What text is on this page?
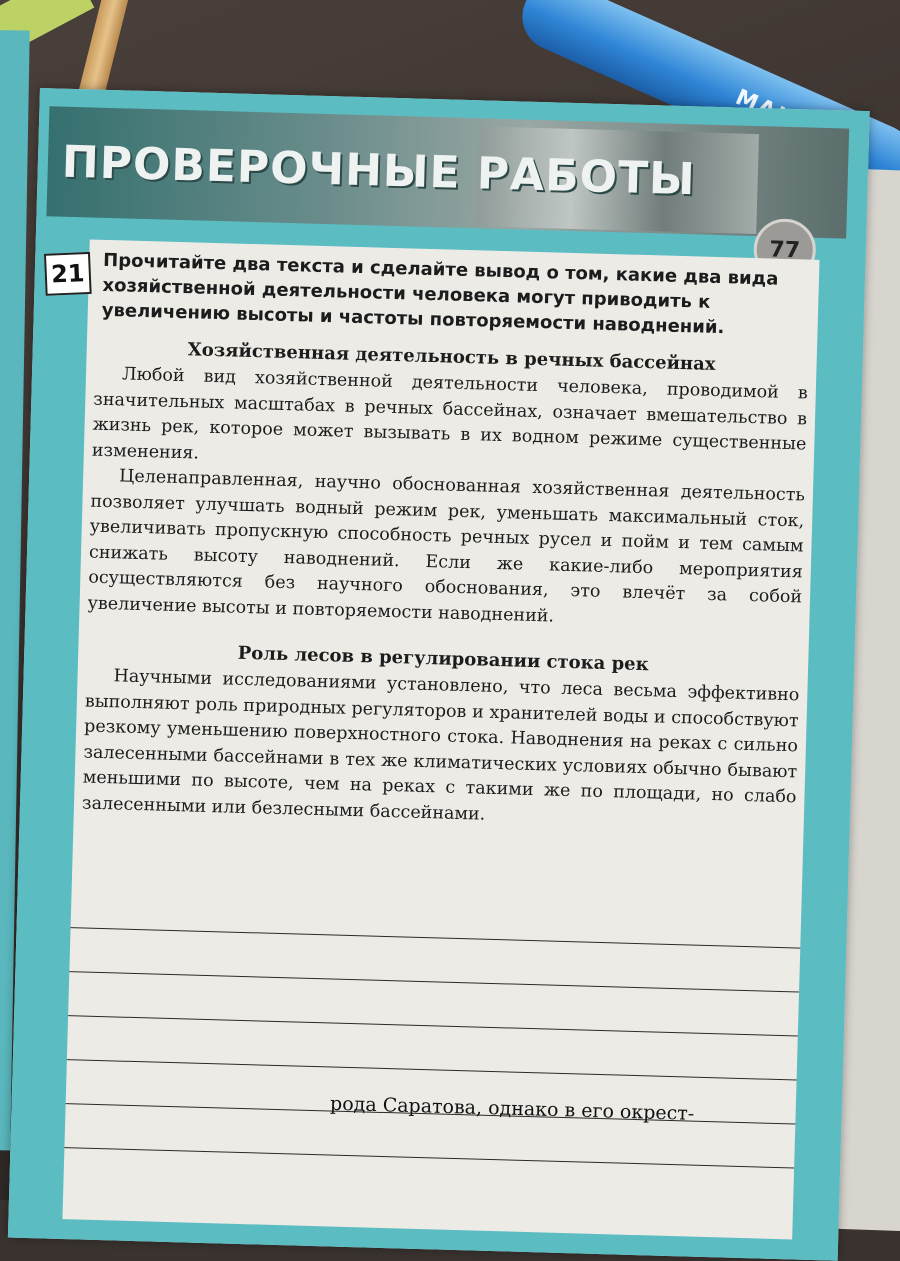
ПРОВЕРОЧНЫЕ РАБОТЫ
77
21 Прочитайте два текста и сделайте вывод о том, какие два вида хозяйственной деятельности человека могут приводить к увеличению высоты и частоты повторяемости наводнений.

Хозяйственная деятельность в речных бассейнах

Любой вид хозяйственной деятельности человека, проводимой в значительных масштабах в речных бассейнах, означает вмешательство в жизнь рек, которое может вызывать в их водном режиме существенные изменения.

Целенаправленная, научно обоснованная хозяйственная деятельность позволяет улучшать водный режим рек, уменьшать максимальный сток, увеличивать пропускную способность речных русел и пойм и тем самым снижать высоту наводнений. Если же какие-либо мероприятия осуществляются без научного обоснования, это влечёт за собой увеличение высоты и повторяемости наводнений.

Роль лесов в регулировании стока рек

Научными исследованиями установлено, что леса весьма эффективно выполняют роль природных регуляторов и хранителей воды и способствуют резкому уменьшению поверхностного стока. Наводнения на реках с сильно залесенными бассейнами в тех же климатических условиях обычно бывают меньшими по высоте, чем на реках с такими же по площади, но слабо залесенными или безлесными бассейнами.

рода Саратова, однако в его окрест-
